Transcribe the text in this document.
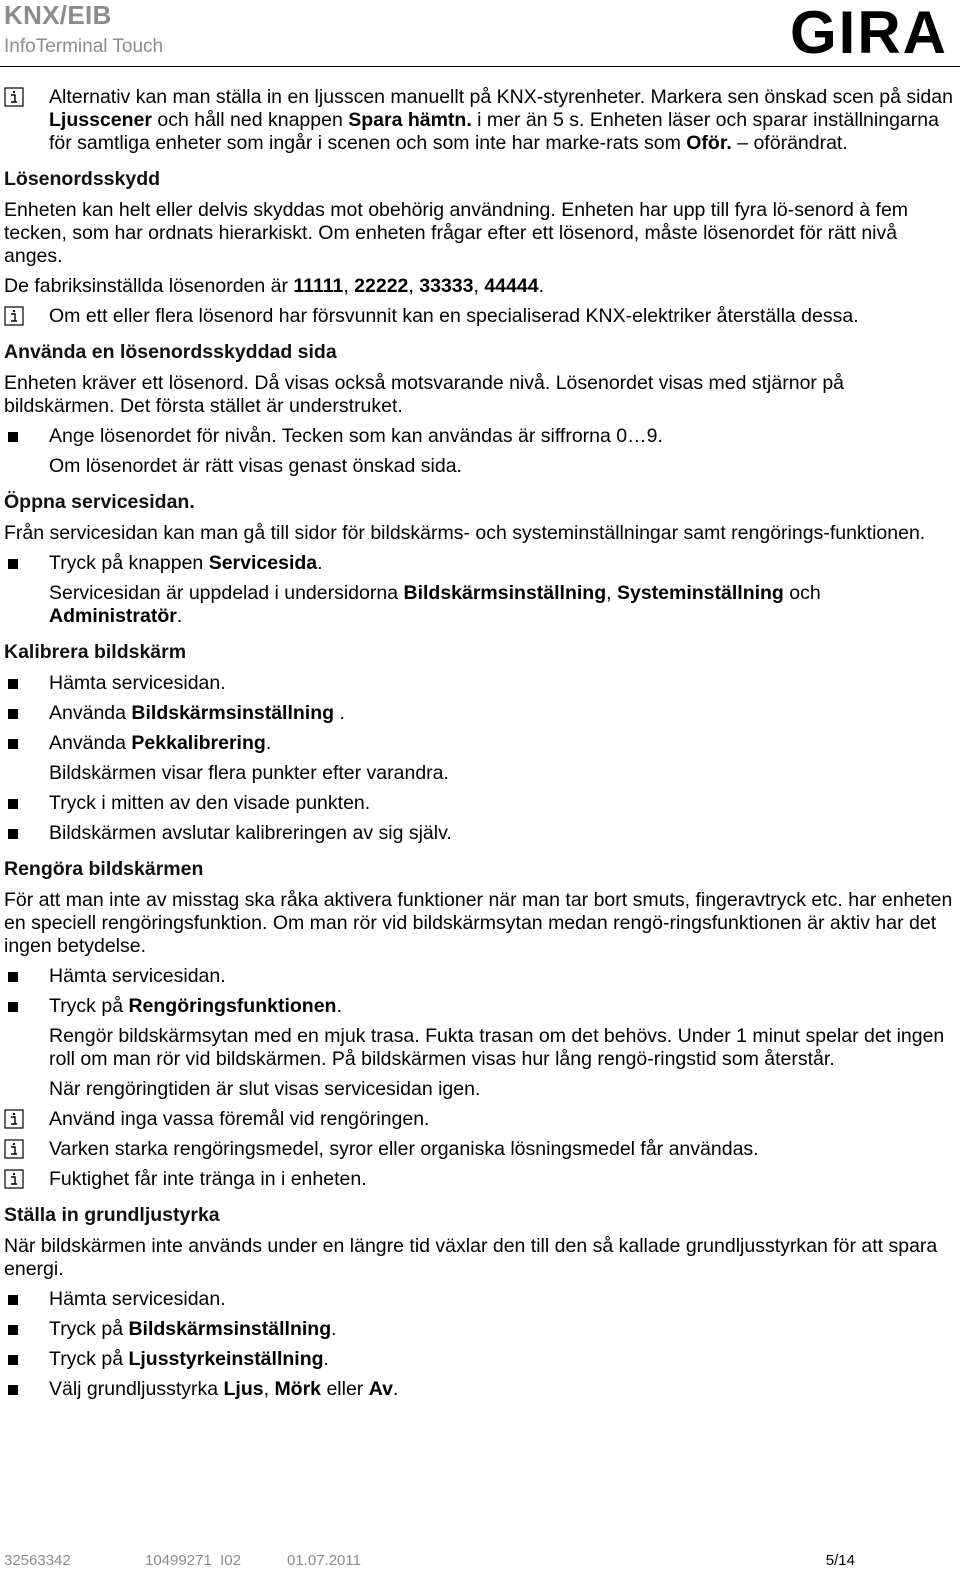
KNX/EIB
InfoTerminal Touch	GIRA
Alternativ kan man ställa in en ljusscen manuellt på KNX-styrenheter. Markera sen önskad scen på sidan Ljusscener och håll ned knappen Spara hämtn. i mer än 5 s. Enheten läser och sparar inställningarna för samtliga enheter som ingår i scenen och som inte har marke-rats som Oför. – oförändrat.
Lösenordsskydd
Enheten kan helt eller delvis skyddas mot obehörig användning. Enheten har upp till fyra lö-senord à fem tecken, som har ordnats hierarkiskt. Om enheten frågar efter ett lösenord, måste lösenordet för rätt nivå anges.
De fabriksinställda lösenorden är 11111, 22222, 33333, 44444.
Om ett eller flera lösenord har försvunnit kan en specialiserad KNX-elektriker återställa dessa.
Använda en lösenordsskyddad sida
Enheten kräver ett lösenord. Då visas också motsvarande nivå. Lösenordet visas med stjärnor på bildskärmen. Det första stället är understruket.
Ange lösenordet för nivån. Tecken som kan användas är siffrorna 0…9.
Om lösenordet är rätt visas genast önskad sida.
Öppna servicesidan.
Från servicesidan kan man gå till sidor för bildskärms- och systeminställningar samt rengörings-funktionen.
Tryck på knappen Servicesida.
Servicesidan är uppdelad i undersidorna Bildskärmsinställning, Systeminställning och Administratör.
Kalibrera bildskärm
Hämta servicesidan.
Använda Bildskärmsinställning .
Använda Pekkalibrering.
Bildskärmen visar flera punkter efter varandra.
Tryck i mitten av den visade punkten.
Bildskärmen avslutar kalibreringen av sig själv.
Rengöra bildskärmen
För att man inte av misstag ska råka aktivera funktioner när man tar bort smuts, fingeravtryck etc. har enheten en speciell rengöringsfunktion. Om man rör vid bildskärmsytan medan rengö-ringsfunktionen är aktiv har det ingen betydelse.
Hämta servicesidan.
Tryck på Rengöringsfunktionen.
Rengör bildskärmsytan med en mjuk trasa. Fukta trasan om det behövs. Under 1 minut spelar det ingen roll om man rör vid bildskärmen. På bildskärmen visas hur lång rengö-ringstid som återstår.
När rengöringtiden är slut visas servicesidan igen.
Använd inga vassa föremål vid rengöringen.
Varken starka rengöringsmedel, syror eller organiska lösningsmedel får användas.
Fuktighet får inte tränga in i enheten.
Ställa in grundljustyrka
När bildskärmen inte används under en längre tid växlar den till den så kallade grundljusstyrkan för att spara energi.
Hämta servicesidan.
Tryck på Bildskärmsinställning.
Tryck på Ljusstyrkeinställning.
Välj grundljusstyrka Ljus, Mörk eller Av.
32563342	10499271  I02	01.07.2011	5/14
